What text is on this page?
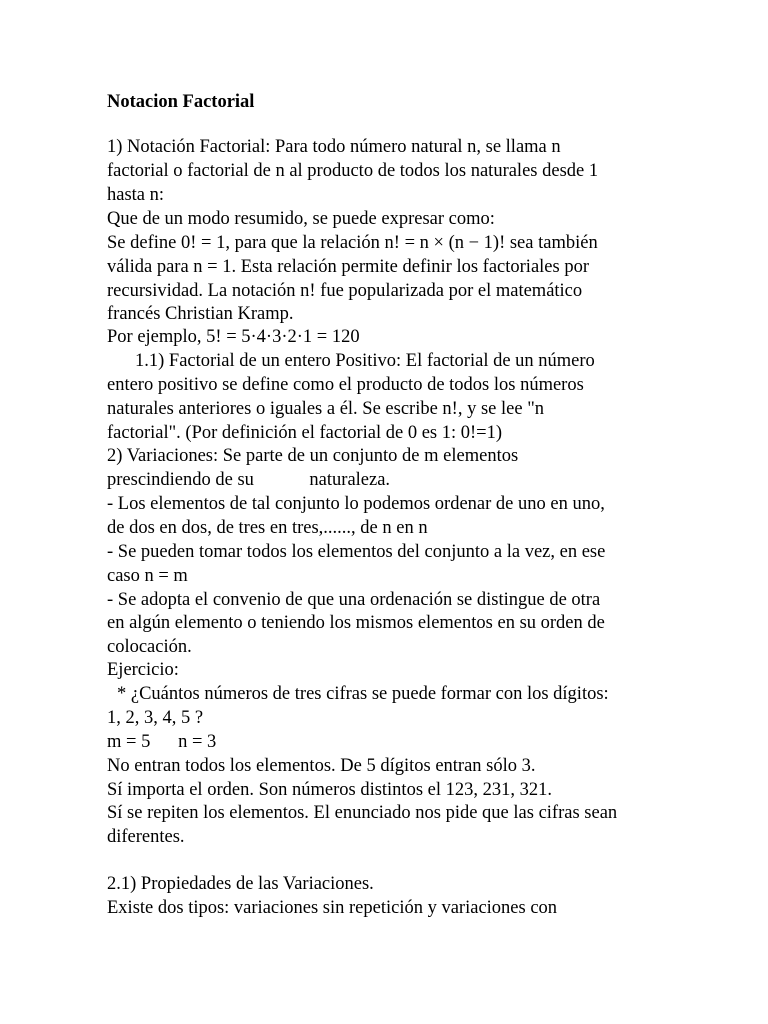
Notacion Factorial
1) Notación Factorial: Para todo número natural n, se llama n
factorial o factorial de n al producto de todos los naturales desde 1
hasta n:
Que de un modo resumido, se puede expresar como:
Se define 0! = 1, para que la relación n! = n × (n − 1)! sea también
válida para n = 1. Esta relación permite definir los factoriales por
recursividad. La notación n! fue popularizada por el matemático
francés Christian Kramp.
Por ejemplo, 5! = 5·4·3·2·1 = 120
1.1) Factorial de un entero Positivo: El factorial de un número
entero positivo se define como el producto de todos los números
naturales anteriores o iguales a él. Se escribe n!, y se lee "n
factorial". (Por definición el factorial de 0 es 1: 0!=1)
2) Variaciones: Se parte de un conjunto de m elementos
prescindiendo de su            naturaleza.
- Los elementos de tal conjunto lo podemos ordenar de uno en uno,
de dos en dos, de tres en tres,......, de n en n
- Se pueden tomar todos los elementos del conjunto a la vez, en ese
caso n = m
- Se adopta el convenio de que una ordenación se distingue de otra
en algún elemento o teniendo los mismos elementos en su orden de
colocación.
Ejercicio:
* ¿Cuántos números de tres cifras se puede formar con los dígitos:
1, 2, 3, 4, 5 ?
m = 5      n = 3
No entran todos los elementos. De 5 dígitos entran sólo 3.
Sí importa el orden. Son números distintos el 123, 231, 321.
Sí se repiten los elementos. El enunciado nos pide que las cifras sean
diferentes.
2.1) Propiedades de las Variaciones.
Existe dos tipos: variaciones sin repetición y variaciones con
